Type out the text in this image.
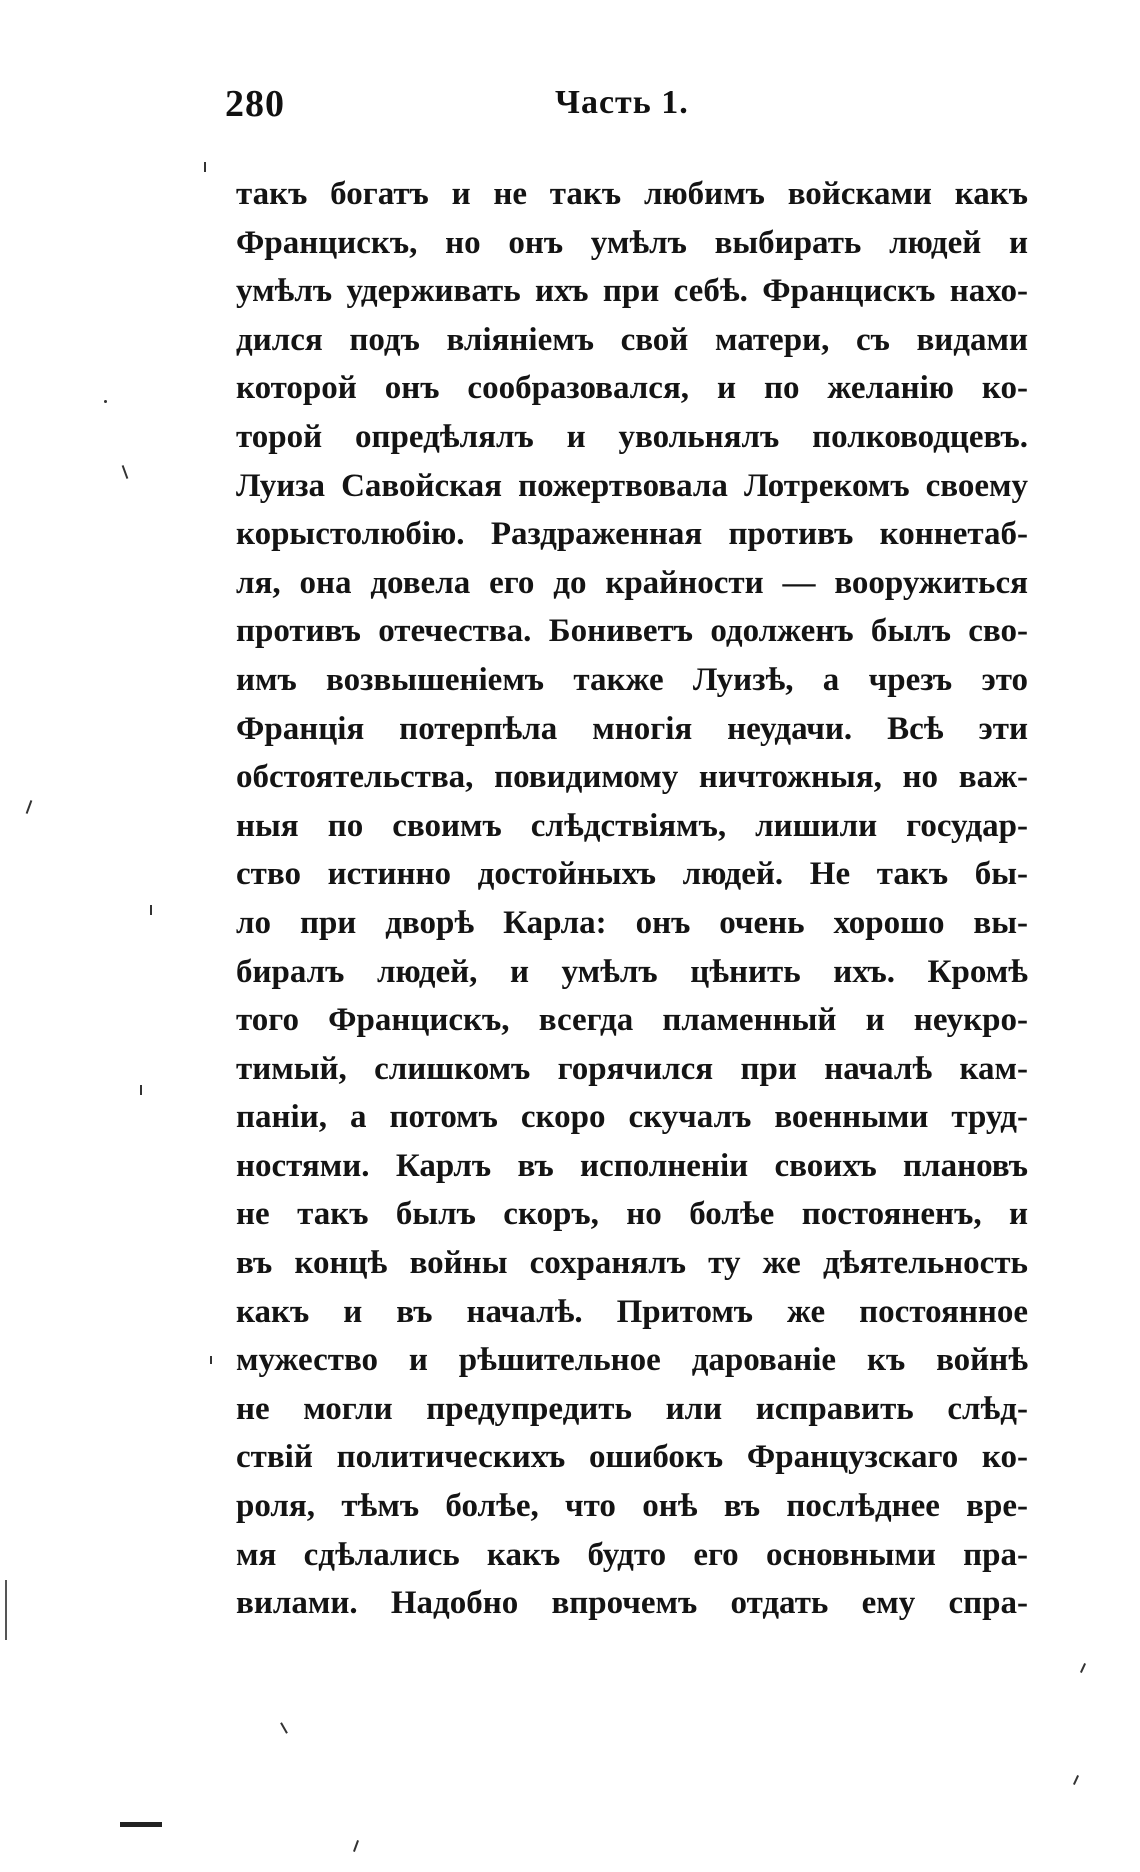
280	Часть 1.
такъ богатъ и не такъ любимъ войсками какъ
Францискъ, но онъ умѣлъ выбирать людей и
умѣлъ удерживать ихъ при себѣ. Францискъ нахо-
дился подъ вліяніемъ свой матери, съ видами
которой онъ сообразовался, и по желанію ко-
торой опредѣлялъ и увольнялъ полководцевъ.
Луиза Савойская пожертвовала Лотрекомъ своему
корыстолюбію. Раздраженная противъ коннетаб-
ля, она довела его до крайности — вооружиться
противъ отечества. Бониветъ одолженъ былъ сво-
имъ возвышеніемъ также Луизѣ, а чрезъ это
Франція потерпѣла многія неудачи. Всѣ эти
обстоятельства, повидимому ничтожныя, но важ-
ныя по своимъ слѣдствіямъ, лишили государ-
ство истинно достойныхъ людей. Не такъ бы-
ло при дворѣ Карла: онъ очень хорошо вы-
биралъ людей, и умѣлъ цѣнить ихъ. Кромѣ
того Францискъ, всегда пламенный и неукро-
тимый, слишкомъ горячился при началѣ кам-
паніи, а потомъ скоро скучалъ военными труд-
ностями. Карлъ въ исполненіи своихъ плановъ
не такъ былъ скоръ, но болѣе постояненъ, и
въ концѣ войны сохранялъ ту же дѣятельность
какъ и въ началѣ. Притомъ же постоянное
мужество и рѣшительное дарованіе къ войнѣ
не могли предупредить или исправить слѣд-
ствій политическихъ ошибокъ Французскаго ко-
роля, тѣмъ болѣе, что онѣ въ послѣднее вре-
мя сдѣлались какъ будто его основными пра-
вилами. Надобно впрочемъ отдать ему спра-
